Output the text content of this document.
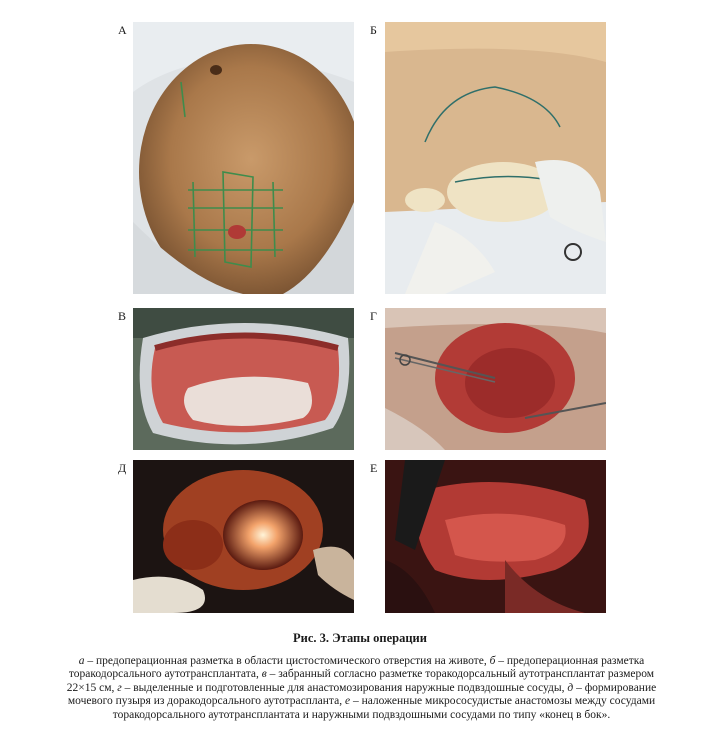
А	Б
В	Г
Д	Е
Рис. 3. Этапы операции
а – предоперационная разметка в области цистостомического отверстия на животе, б – предоперационная разметка торакодорсального аутотрансплантата, в – забранный согласно разметке торакодорсальный аутотрансплантат размером 22×15 см, г – выделенные и подготовленные для анастомозирования наружные подвздошные сосуды, д – формирование мочевого пузыря из доракодорсального аутотраспланта, е – наложенные микрососудистые анастомозы между сосудами торакодорсального аутотрансплантата и наружными подвздошными сосудами по типу «конец в бок».
